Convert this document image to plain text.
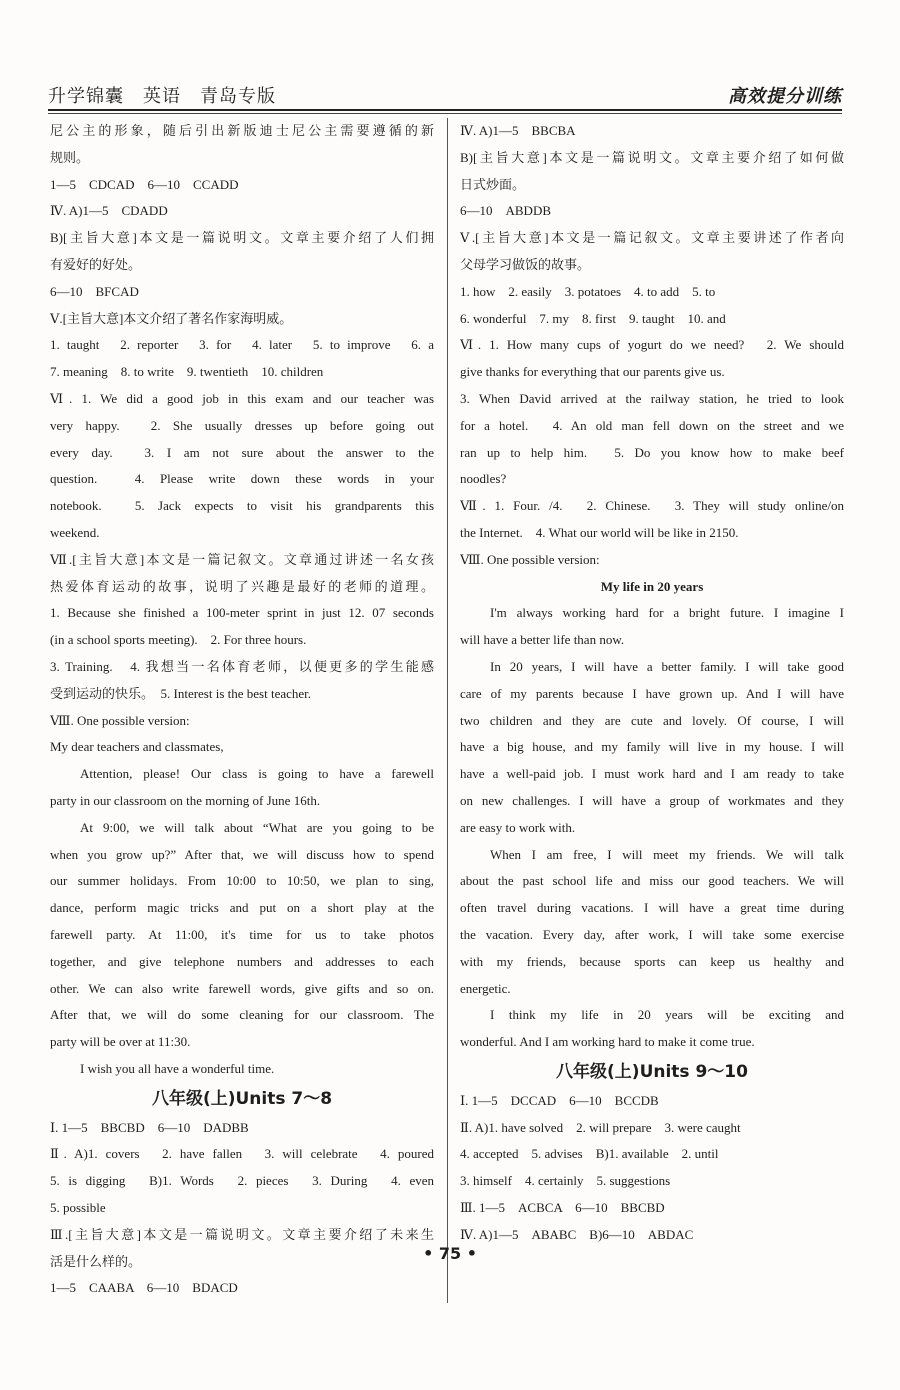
升学锦囊　英语　青岛专版	高效提分训练
尼公主的形象，随后引出新版迪士尼公主需要遵循的新
规则。
1—5　CDCAD　6—10　CCADD
Ⅳ. A)1—5　CDADD
B)[主旨大意]本文是一篇说明文。文章主要介绍了人们拥
有爱好的好处。
6—10　BFCAD
Ⅴ.[主旨大意]本文介绍了著名作家海明威。
1. taught　2. reporter　3. for　4. later　5. to improve　6. a
7. meaning　8. to write　9. twentieth　10. children
Ⅵ. 1. We did a good job in this exam and our teacher was
very happy.　2. She usually dresses up before going out
every day.　3. I am not sure about the answer to the
question.　4. Please write down these words in your
notebook.　5. Jack expects to visit his grandparents this
weekend.
Ⅶ.[主旨大意]本文是一篇记叙文。文章通过讲述一名女孩
热爱体育运动的故事，说明了兴趣是最好的老师的道理。
1. Because she finished a 100-meter sprint in just 12. 07 seconds
(in a school sports meeting).　2. For three hours.
3. Training.　4. 我想当一名体育老师，以便更多的学生能感
受到运动的快乐。　5. Interest is the best teacher.
Ⅷ. One possible version:
My dear teachers and classmates,
Attention, please! Our class is going to have a farewell
party in our classroom on the morning of June 16th.
At 9:00, we will talk about “What are you going to be
when you grow up?” After that, we will discuss how to spend
our summer holidays. From 10:00 to 10:50, we plan to sing,
dance, perform magic tricks and put on a short play at the
farewell party. At 11:00, it's time for us to take photos
together, and give telephone numbers and addresses to each
other. We can also write farewell words, give gifts and so on.
After that, we will do some cleaning for our classroom. The
party will be over at 11:30.
I wish you all have a wonderful time.
八年级(上)Units 7～8
Ⅰ. 1—5　BBCBD　6—10　DADBB
Ⅱ. A)1. covers　2. have fallen　3. will celebrate　4. poured
5. is digging　B)1. Words　2. pieces　3. During　4. even
5. possible
Ⅲ.[主旨大意]本文是一篇说明文。文章主要介绍了未来生
活是什么样的。
1—5　CAABA　6—10　BDACD
Ⅳ. A)1—5　BBCBA
B)[主旨大意]本文是一篇说明文。文章主要介绍了如何做
日式炒面。
6—10　ABDDB
Ⅴ.[主旨大意]本文是一篇记叙文。文章主要讲述了作者向
父母学习做饭的故事。
1. how　2. easily　3. potatoes　4. to add　5. to
6. wonderful　7. my　8. first　9. taught　10. and
Ⅵ. 1. How many cups of yogurt do we need?　2. We should
give thanks for everything that our parents give us.
3. When David arrived at the railway station, he tried to look
for a hotel.　4. An old man fell down on the street and we
ran up to help him.　5. Do you know how to make beef
noodles?
Ⅶ. 1. Four. /4.　2. Chinese.　3. They will study online/on
the Internet.　4. What our world will be like in 2150.
Ⅷ. One possible version:
My life in 20 years
I'm always working hard for a bright future. I imagine I
will have a better life than now.
In 20 years, I will have a better family. I will take good
care of my parents because I have grown up. And I will have
two children and they are cute and lovely. Of course, I will
have a big house, and my family will live in my house. I will
have a well-paid job. I must work hard and I am ready to take
on new challenges. I will have a group of workmates and they
are easy to work with.
When I am free, I will meet my friends. We will talk
about the past school life and miss our good teachers. We will
often travel during vacations. I will have a great time during
the vacation. Every day, after work, I will take some exercise
with my friends, because sports can keep us healthy and
energetic.
I think my life in 20 years will be exciting and
wonderful. And I am working hard to make it come true.
八年级(上)Units 9～10
Ⅰ. 1—5　DCCAD　6—10　BCCDB
Ⅱ. A)1. have solved　2. will prepare　3. were caught
4. accepted　5. advises　B)1. available　2. until
3. himself　4. certainly　5. suggestions
Ⅲ. 1—5　ACBCA　6—10　BBCBD
Ⅳ. A)1—5　ABABC　B)6—10　ABDAC
• 75 •
